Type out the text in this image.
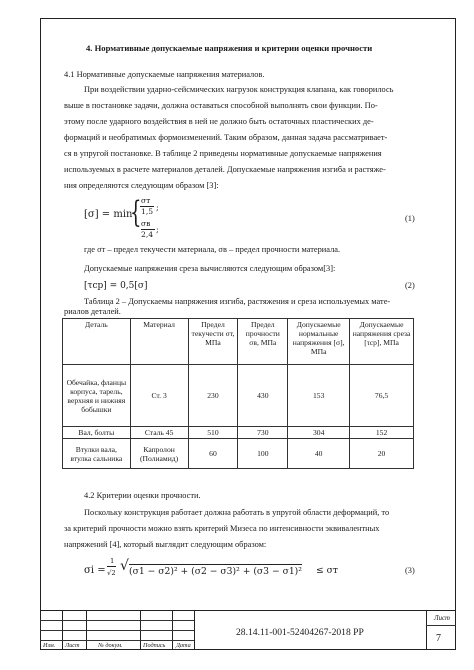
4. Нормативные допускаемые напряжения и критерии оценки прочности
4.1 Нормативные допускаемые напряжения материалов.
При воздействии ударно-сейсмических нагрузок конструкция клапана, как говорилось
выше в постановке задачи, должна оставаться способной выполнять свои функции. По-
этому после ударного воздействия в ней не должно быть остаточных пластических де-
формаций и необратимых формоизменений. Таким образом, данная задача рассматривает-
ся в упругой постановке. В таблице 2 приведены нормативные допускаемые напряжения
используемых в расчете материалов деталей. Допускаемые напряжения изгиба и растяже-
ния определяются следующим образом [3]:
[σ] = min
{ σт
1,5 ;
σв
2,4
;
(1)
где σт – предел текучести материала, σв – предел прочности материала.
Допускаемые напряжения среза вычисляются следующим образом[3]:
[τср] = 0,5[σ]	(2)
Таблица 2 – Допускаемы напряжения изгиба, растяжения и среза используемых мате-
риалов деталей.
Деталь	Материал	Предел текучести σт, МПа	Предел прочности σв, МПа	Допускаемые нормальные напряжения [σ], МПа	Допускаемые напряжения среза [τср], МПа
Обечайка, фланцы корпуса, тарель, верхняя и нижняя бобышки	Ст. 3	230	430	153	76,5
Вал, болты	Сталь 45	510	730	304	152
Втулки вала, втулка сальника	Капролон (Полиамид)	60	100	40	20
4.2 Критерии оценки прочности.
Поскольку конструкция работает должна работать в упругой области деформаций, то
за критерий прочности можно взять критерий Мизеса по интенсивности эквивалентных
напряжений [4], который выглядит следующим образом:
σi =
1
√2 √ (σ1 − σ2)² + (σ2 − σ3)² + (σ3 − σ1)² ≤ σт	(3)
Изм. Лист	№ докум.	Подпись Дата
28.14.11-001-52404267-2018 РР
Лист
7
